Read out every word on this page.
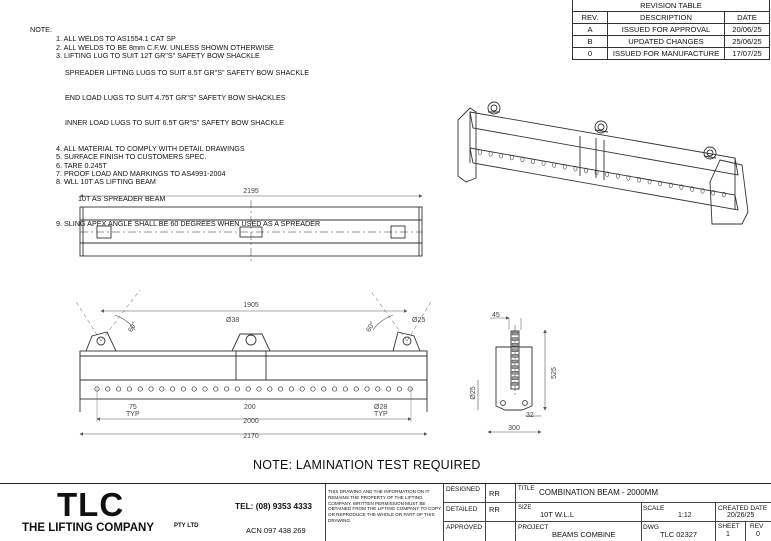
NOTE:
1. ALL WELDS TO AS1554.1 CAT SP
2. ALL WELDS TO BE 8mm C.F.W. UNLESS SHOWN OTHERWISE
3. LIFTING LUG TO SUIT 12T GR"S" SAFETY BOW SHACKLE

SPREADER LIFTING LUGS TO SUIT 8.5T GR"S" SAFETY BOW SHACKLE

END LOAD LUGS TO SUIT 4.75T GR"S" SAFETY BOW SHACKLES

INNER LOAD LUGS TO SUIT 6.5T GR"S" SAFETY BOW SHACKLE

4. ALL MATERIAL TO COMPLY WITH DETAIL DRAWINGS
5. SURFACE FINISH TO CUSTOMERS SPEC.
6. TARE 0.245T
7. PROOF LOAD AND MARKINGS TO AS4991-2004
8. WLL 10T AS LIFTING BEAM

10T AS SPREADER BEAM

9. SLING APEX ANGLE SHALL BE 60 DEGREES WHEN USED AS A SPREADER
REVISION TABLE		
REV.	DESCRIPTION	DATE
A	ISSUED FOR APPROVAL	20/06/25
B	UPDATED CHANGES	25/06/25
0	ISSUED FOR MANUFACTURE	17/07/25
2195
1905
Ø38	Ø25
60°	60°
75
TYP
200	Ø28
TYP
2000
2170
45
525
Ø25
32
300
NOTE: LAMINATION TEST REQUIRED
TLC
THE LIFTING COMPANY	PTY LTD
TEL: (08) 9353 4333
ACN 097 438 269
THIS DRAWING AND THE INFORMATION ON IT REMAINS THE PROPERTY OF THE LIFTING COMPANY. WRITTEN PERMISSION MUST BE OBTAINED FROM THE LIFTING COMPANY TO COPY OR REPRODUCE THE WHOLE OR PART OF THIS DRAWING.
DESIGNED RR
DETAILED RR
APPROVED
TITLE COMBINATION BEAM - 2000MM
SIZE
10T W.L.L
SCALE
1:12
CREATED DATE
20/26/25
PROJECT
BEAMS COMBINE
DWG
TLC 02327
SHEET
1
REV
0
